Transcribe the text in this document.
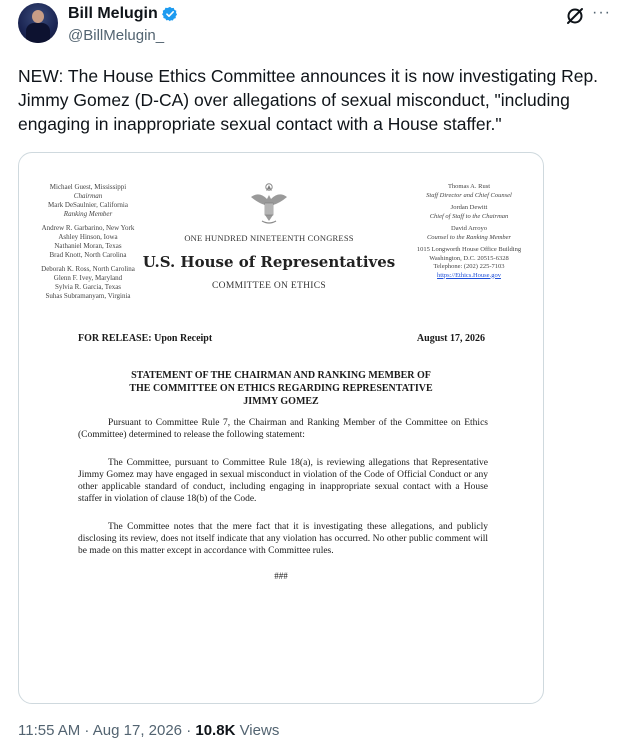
Bill Melugin
@BillMelugin_
···

NEW: The House Ethics Committee announces it is now investigating Rep. Jimmy Gomez (D-CA) over allegations of sexual misconduct, "including engaging in inappropriate sexual contact with a House staffer."

Michael Guest, Mississippi
Chairman
Mark DeSaulnier, California
Ranking Member
Andrew R. Garbarino, New York
Ashley Hinson, Iowa
Nathaniel Moran, Texas
Brad Knott, North Carolina
Deborah K. Ross, North Carolina
Glenn F. Ivey, Maryland
Sylvia R. Garcia, Texas
Suhas Subramanyam, Virginia
Thomas A. Rust
Staff Director and Chief Counsel
Jordan Dewitt
Chief of Staff to the Chairman
David Arroyo
Counsel to the Ranking Member
1015 Longworth House Office Building
Washington, D.C. 20515-6328
Telephone: (202) 225-7103
https://Ethics.House.gov
ONE HUNDRED NINETEENTH CONGRESS
U.S. House of Representatives
COMMITTEE ON ETHICS
FOR RELEASE: Upon Receipt	August 17, 2026
STATEMENT OF THE CHAIRMAN AND RANKING MEMBER OF THE COMMITTEE ON ETHICS REGARDING REPRESENTATIVE JIMMY GOMEZ

Pursuant to Committee Rule 7, the Chairman and Ranking Member of the Committee on Ethics (Committee) determined to release the following statement:

The Committee, pursuant to Committee Rule 18(a), is reviewing allegations that Representative Jimmy Gomez may have engaged in sexual misconduct in violation of the Code of Official Conduct or any other applicable standard of conduct, including engaging in inappropriate sexual contact with a House staffer in violation of clause 18(b) of the Code.

The Committee notes that the mere fact that it is investigating these allegations, and publicly disclosing its review, does not itself indicate that any violation has occurred. No other public comment will be made on this matter except in accordance with Committee rules.

###
11:55 AM · Aug 17, 2026 · 10.8K Views
